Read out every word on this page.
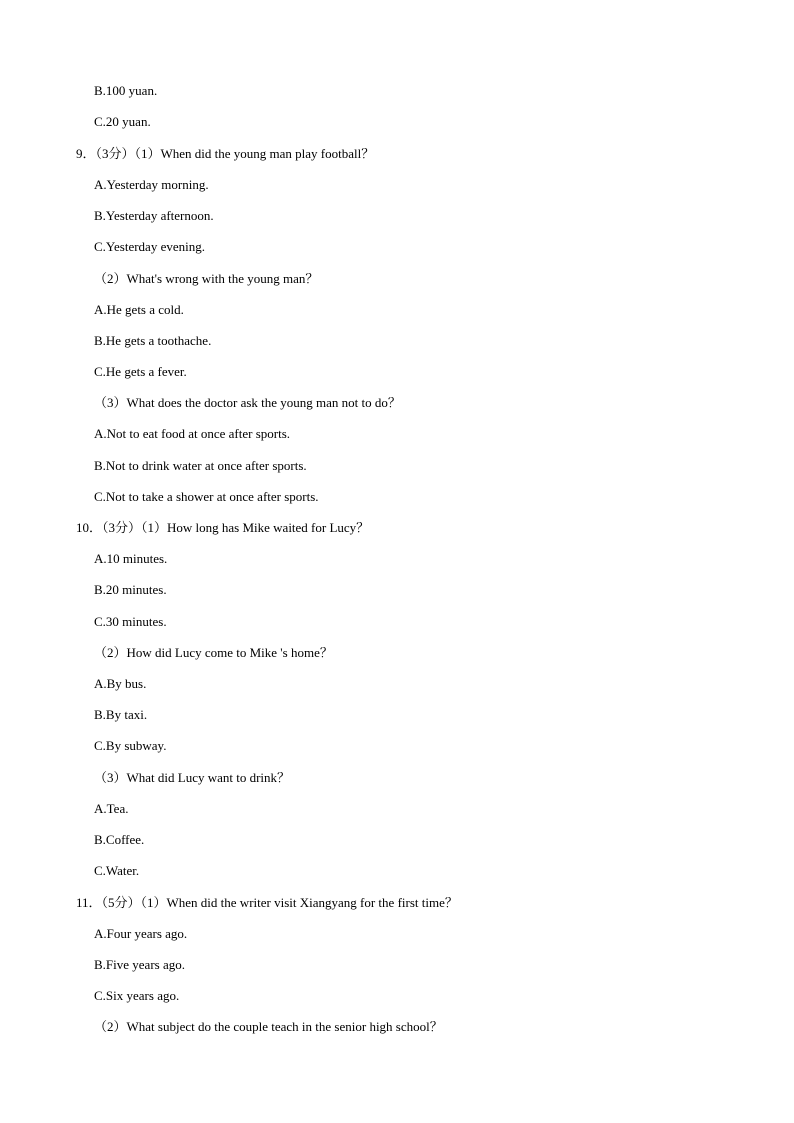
B.100 yuan.
C.20 yuan.
9．（3分）（1）When did the young man play football？
A.Yesterday morning.
B.Yesterday afternoon.
C.Yesterday evening.
（2）What's wrong with the young man？
A.He gets a cold.
B.He gets a toothache.
C.He gets a fever.
（3）What does the doctor ask the young man not to do？
A.Not to eat food at once after sports.
B.Not to drink water at once after sports.
C.Not to take a shower at once after sports.
10．（3分）（1）How long has Mike waited for Lucy？
A.10 minutes.
B.20 minutes.
C.30 minutes.
（2）How did Lucy come to Mike 's home？
A.By bus.
B.By taxi.
C.By subway.
（3）What did Lucy want to drink？
A.Tea.
B.Coffee.
C.Water.
11．（5分）（1）When did the writer visit Xiangyang for the first time？
A.Four years ago.
B.Five years ago.
C.Six years ago.
（2）What subject do the couple teach in the senior high school？
